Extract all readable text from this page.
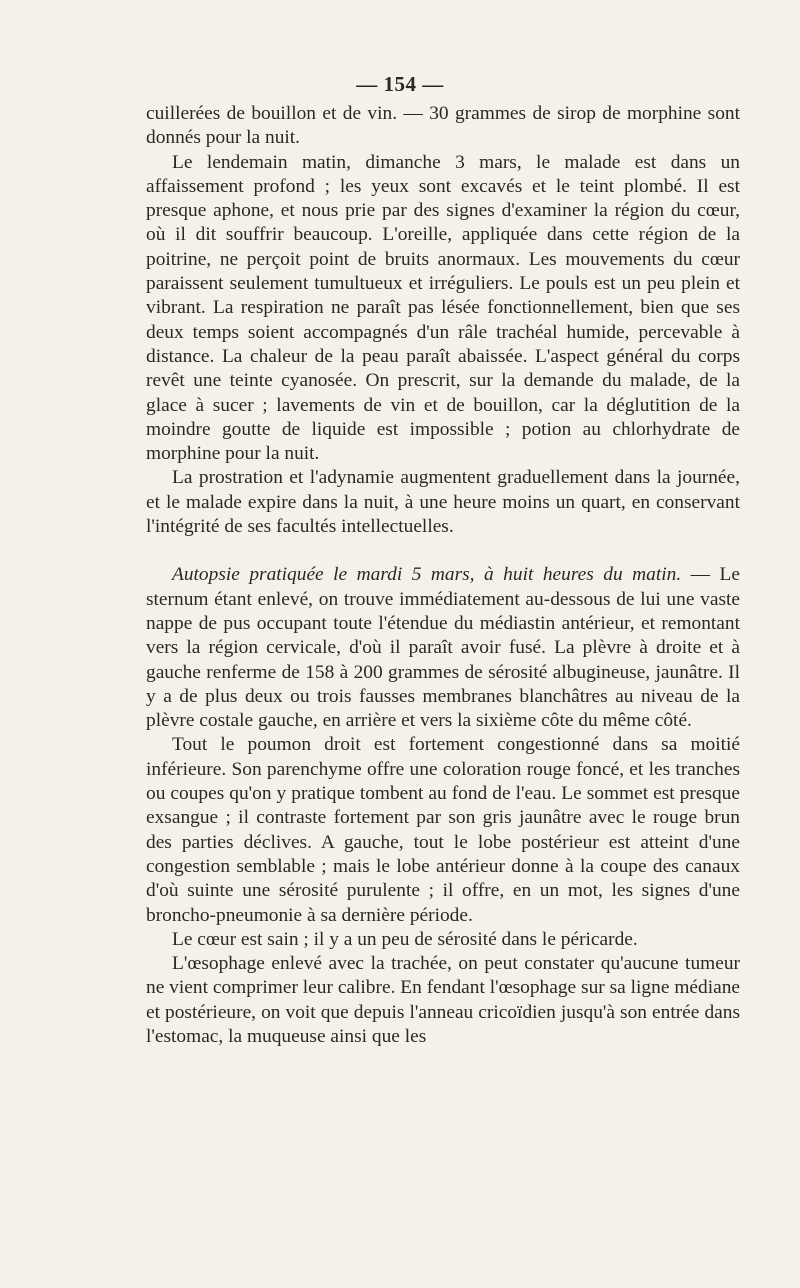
— 154 —

cuillerées de bouillon et de vin. — 30 grammes de sirop de morphine sont donnés pour la nuit.

Le lendemain matin, dimanche 3 mars, le malade est dans un affaissement profond ; les yeux sont excavés et le teint plombé. Il est presque aphone, et nous prie par des signes d'examiner la région du cœur, où il dit souffrir beaucoup. L'oreille, appliquée dans cette région de la poitrine, ne perçoit point de bruits anormaux. Les mouvements du cœur paraissent seulement tumultueux et irréguliers. Le pouls est un peu plein et vibrant. La respiration ne paraît pas lésée fonctionnellement, bien que ses deux temps soient accompagnés d'un râle trachéal humide, percevable à distance. La chaleur de la peau paraît abaissée. L'aspect général du corps revêt une teinte cyanosée. On prescrit, sur la demande du malade, de la glace à sucer ; lavements de vin et de bouillon, car la déglutition de la moindre goutte de liquide est impossible ; potion au chlorhydrate de morphine pour la nuit.

La prostration et l'adynamie augmentent graduellement dans la journée, et le malade expire dans la nuit, à une heure moins un quart, en conservant l'intégrité de ses facultés intellectuelles.

Autopsie pratiquée le mardi 5 mars, à huit heures du matin. — Le sternum étant enlevé, on trouve immédiatement au-dessous de lui une vaste nappe de pus occupant toute l'étendue du médiastin antérieur, et remontant vers la région cervicale, d'où il paraît avoir fusé. La plèvre à droite et à gauche renferme de 158 à 200 grammes de sérosité albugineuse, jaunâtre. Il y a de plus deux ou trois fausses membranes blanchâtres au niveau de la plèvre costale gauche, en arrière et vers la sixième côte du même côté.

Tout le poumon droit est fortement congestionné dans sa moitié inférieure. Son parenchyme offre une coloration rouge foncé, et les tranches ou coupes qu'on y pratique tombent au fond de l'eau. Le sommet est presque exsangue ; il contraste fortement par son gris jaunâtre avec le rouge brun des parties déclives. A gauche, tout le lobe postérieur est atteint d'une congestion semblable ; mais le lobe antérieur donne à la coupe des canaux d'où suinte une sérosité purulente ; il offre, en un mot, les signes d'une broncho-pneumonie à sa dernière période.

Le cœur est sain ; il y a un peu de sérosité dans le péricarde.

L'œsophage enlevé avec la trachée, on peut constater qu'aucune tumeur ne vient comprimer leur calibre. En fendant l'œsophage sur sa ligne médiane et postérieure, on voit que depuis l'anneau cricoïdien jusqu'à son entrée dans l'estomac, la muqueuse ainsi que les
